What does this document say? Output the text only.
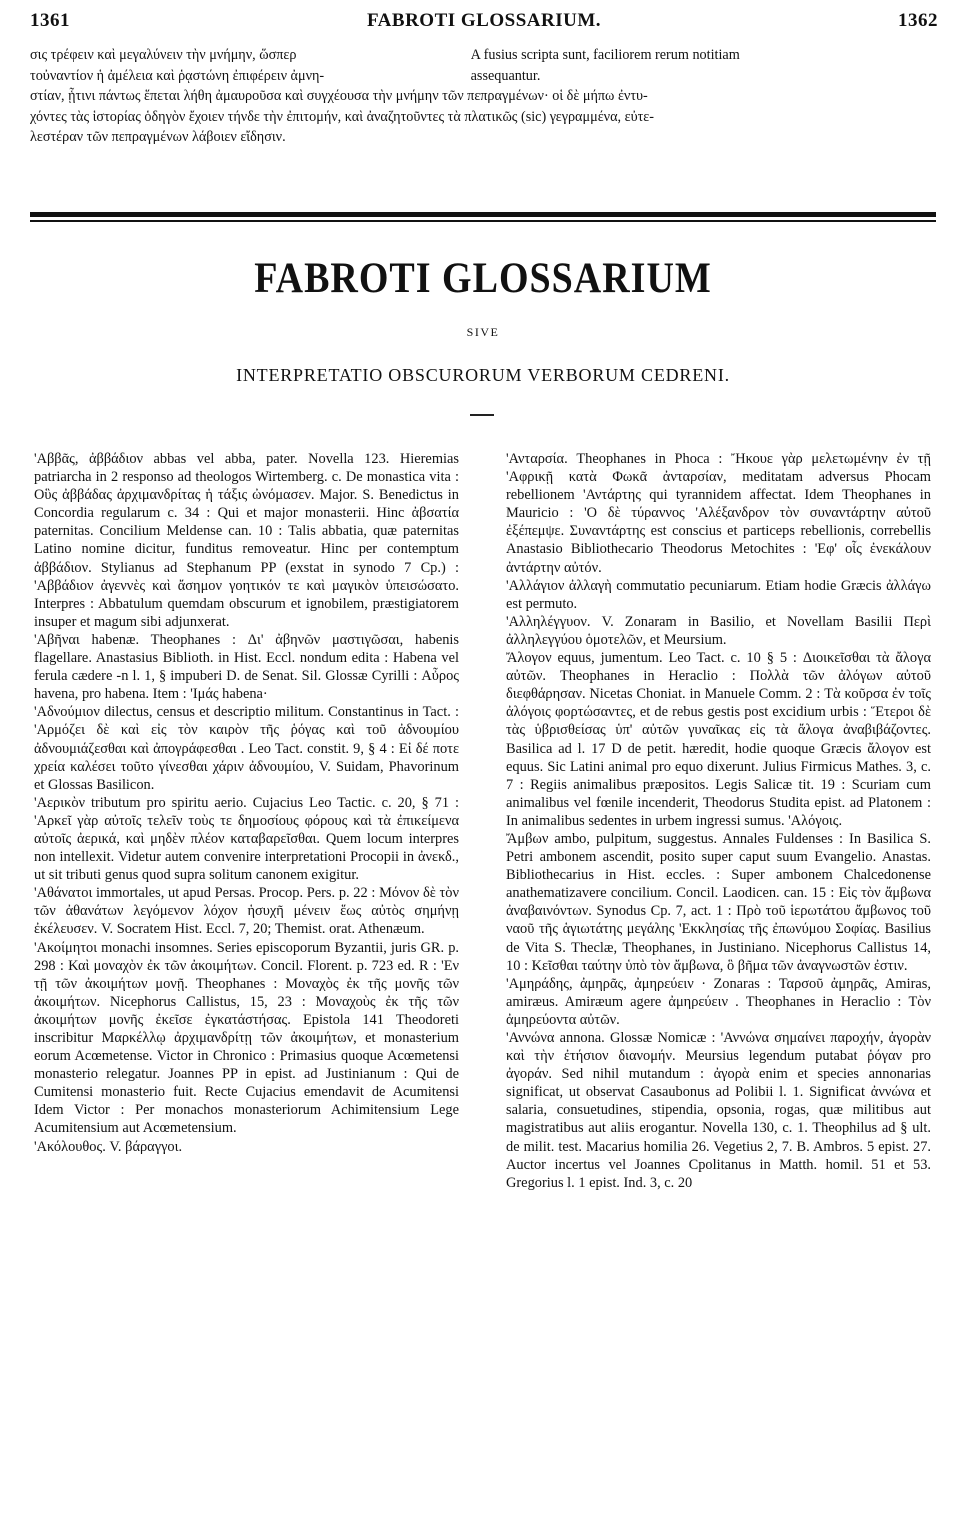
1361	FABROTI GLOSSARIUM.	1362
σις τρέφειν καὶ μεγαλύνειν τὴν μνήμην, ὥσπερ	A fusius scripta sunt, faciliorem rerum notitiam
τοὐναντίον ἡ ἀμέλεια καὶ ῥᾳστώνη ἐπιφέρειν ἀμνη-	assequantur.
στίαν, ᾗτινι πάντως ἕπεται λήθη ἀμαυροῦσα καὶ συγχέουσα τὴν μνήμην τῶν πεπραγμένων· οἱ δὲ μήπω ἐντυ-
χόντες τὰς ἱστορίας ὁδηγὸν ἔχοιεν τήνδε τὴν ἐπιτομήν, καὶ ἀναζητοῦντες τὰ πλατικῶς (sic) γεγραμμένα, εὐτε-
λεστέραν τῶν πεπραγμένων λάβοιεν εἴδησιν.
FABROTI GLOSSARIUM
SIVE
INTERPRETATIO OBSCURORUM VERBORUM CEDRENI.

'Αββᾶς, ἀββάδιον abbas vel abba, pater. Novella 123. Hieremias patriarcha in 2 responso ad theologos Wirtemberg. c. De monastica vita : Οὓς ἀββάδας ἀρχιμανδρίτας ἡ τάξις ὠνόμασεν. Major. S. Benedictus in Concordia regularum c. 34 : Qui et major monasterii. Hinc ἀβσατία paternitas. Concilium Meldense can. 10 : Talis abbatia, quæ paternitas Latino nomine dicitur, funditus removeatur. Hinc per contemptum ἀββάδιον. Stylianus ad Stephanum PP (exstat in synodo 7 Cp.) : 'Αββάδιον ἀγεννὲς καὶ ἄσημον γοητικόν τε καὶ μαγικὸν ὑπεισώσατο. Interpres : Abbatulum quemdam obscurum et ignobilem, præstigiatorem insuper et magum sibi adjunxerat.

'Αβῆναι habenæ. Theophanes : Δι' ἀβηνῶν μαστιγῶσαι, habenis flagellare. Anastasius Biblioth. in Hist. Eccl. nondum edita : Habena vel ferula cædere -n l. 1, § impuberi D. de Senat. Sil. Glossæ Cyrilli : Αὖρος havena, pro habena. Item : 'Ιμάς habena·

'Αδνούμιον dilectus, census et descriptio militum. Constantinus in Tact. : 'Αρμόζει δὲ καὶ εἰς τὸν καιρὸν τῆς ῥόγας καὶ τοῦ ἀδνουμίου ἀδνουμιάζεσθαι καὶ ἀπογράφεσθαι . Leo Tact. constit. 9, § 4 : Εἰ δέ ποτε χρεία καλέσει τοῦτο γίνεσθαι χάριν ἀδνουμίου, V. Suidam, Phavorinum et Glossas Basilicon.

'Αερικὸν tributum pro spiritu aerio. Cujacius Leo Tactic. c. 20, § 71 : 'Αρκεῖ γὰρ αὐτοῖς τελεῖν τοὺς τε δημοσίους φόρους καὶ τὰ ἐπικείμενα αὐτοῖς ἀερικά, καὶ μηδὲν πλέον καταβαρεῖσθαι. Quem locum interpres non intellexit. Videtur autem convenire interpretationi Procopii in ἀνεκδ., ut sit tributi genus quod supra solitum canonem exigitur.

'Αθάνατοι immortales, ut apud Persas. Procop. Pers. p. 22 : Μόνον δὲ τὸν τῶν ἀθανάτων λεγόμενον λόχον ἡσυχῆ μένειν ἕως αὐτὸς σημήνῃ ἐκέλευσεν. V. Socratem Hist. Eccl. 7, 20; Themist. orat. Athenæum.

'Ακοίμητοι monachi insomnes. Series episcoporum Byzantii, juris GR. p. 298 : Καὶ μοναχὸν ἐκ τῶν ἀκοιμήτων. Concil. Florent. p. 723 ed. R : 'Εν τῇ τῶν ἀκοιμήτων μονῇ. Theophanes : Μοναχὸς ἐκ τῆς μονῆς τῶν ἀκοιμήτων. Nicephorus Callistus, 15, 23 : Μοναχοὺς ἐκ τῆς τῶν ἀκοιμήτων μονῆς ἐκεῖσε ἐγκατάστήσας. Epistola 141 Theodoreti inscribitur Μαρκέλλῳ ἀρχιμανδρίτῃ τῶν ἀκοιμήτων, et monasterium eorum Acœmetense. Victor in Chronico : Primasius quoque Acœmetensi monasterio relegatur. Joannes PP in epist. ad Justinianum : Qui de Cumitensi monasterio fuit. Recte Cujacius emendavit de Acumitensi Idem Victor : Per monachos monasteriorum Achimitensium Lege Acumitensium aut Acœmetensium.

'Ακόλουθος. V. βάραγγοι.

'Ανταρσία. Theophanes in Phoca : Ἤκουε γὰρ μελετωμένην ἐν τῇ 'Αφρικῇ κατὰ Φωκᾶ ἀνταρσίαν, meditatam adversus Phocam rebellionem 'Αντάρτης qui tyrannidem affectat. Idem Theophanes in Mauricio : 'Ο δὲ τύραννος 'Αλέξανδρον τὸν συναντάρτην αὐτοῦ ἐξέπεμψε. Συναντάρτης est conscius et particeps rebellionis, correbellis Anastasio Bibliothecario Theodorus Metochites : 'Εφ' οἷς ἐνεκάλουν ἀντάρτην αὐτόν.

'Αλλάγιον ἀλλαγὴ commutatio pecuniarum. Etiam hodie Græcis ἀλλάγω est permuto.

'Αλληλέγγυον. V. Zonaram in Basilio, et Novellam Basilii Περὶ ἀλληλεγγύου ὁμοτελῶν, et Meursium.

Ἄλογον equus, jumentum. Leo Tact. c. 10 § 5 : Διοικεῖσθαι τὰ ἄλογα αὐτῶν. Theophanes in Heraclio : Πολλὰ τῶν ἀλόγων αὐτοῦ διεφθάρησαν. Nicetas Choniat. in Manuele Comm. 2 : Τὰ κοῦρσα ἐν τοῖς ἀλόγοις φορτώσαντες, et de rebus gestis post excidium urbis : Ἕτεροι δὲ τὰς ὑβρισθείσας ὑπ' αὐτῶν γυναῖκας εἰς τὰ ἄλογα ἀναβιβάζοντες. Basilica ad l. 17 D de petit. hæredit, hodie quoque Græcis ἄλογον est equus. Sic Latini animal pro equo dixerunt. Julius Firmicus Mathes. 3, c. 7 : Regiis animalibus præpositos. Legis Salicæ tit. 19 : Scuriam cum animalibus vel fœnile incenderit, Theodorus Studita epist. ad Platonem : In animalibus sedentes in urbem ingressi sumus. 'Αλόγοις.

Ἄμβων ambo, pulpitum, suggestus. Annales Fuldenses : In Basilica S. Petri ambonem ascendit, posito super caput suum Evangelio. Anastas. Bibliothecarius in Hist. eccles. : Super ambonem Chalcedonense anathematizavere concilium. Concil. Laodicen. can. 15 : Εἰς τὸν ἄμβωνα ἀναβαινόντων. Synodus Cp. 7, act. 1 : Πρὸ τοῦ ἱερωτάτου ἄμβωνος τοῦ ναοῦ τῆς ἁγιωτάτης μεγάλης 'Εκκλησίας τῆς ἐπωνύμου Σοφίας. Basilius de Vita S. Theclæ, Theophanes, in Justiniano. Nicephorus Callistus 14, 10 : Κεῖσθαι ταύτην ὑπὸ τὸν ἄμβωνα, ὃ βῆμα τῶν ἀναγνωστῶν ἐστιν.

'Αμηράδης, ἀμηρᾶς, ἀμηρεύειν · Zonaras : Ταρσοῦ ἀμηρᾶς, Amiras, amiræus. Amiræum agere ἀμηρεύειν . Theophanes in Heraclio : Τὸν ἀμηρεύοντα αὐτῶν.

'Αννώνα annona. Glossæ Nomicæ : 'Αννώνα σημαίνει παροχήν, ἀγορὰν καὶ τὴν ἐτήσιον διανομήν. Meursius legendum putabat ῥόγαν pro ἀγοράν. Sed nihil mutandum : ἀγορὰ enim et species annonarias significat, ut observat Casaubonus ad Polibii l. 1. Significat ἀννώνα et salaria, consuetudines, stipendia, opsonia, rogas, quæ militibus aut magistratibus aut aliis erogantur. Novella 130, c. 1. Theophilus ad § ult. de milit. test. Macarius homilia 26. Vegetius 2, 7. B. Ambros. 5 epist. 27. Auctor incertus vel Joannes Cpolitanus in Matth. homil. 51 et 53. Gregorius l. 1 epist. Ind. 3, c. 20
